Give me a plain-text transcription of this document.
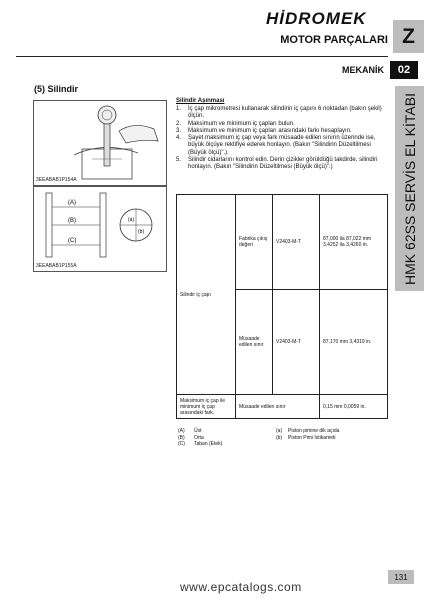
HİDROMEK
MOTOR PARÇALARI Z
MEKANİK	02
HMK 62SS SERVİS EL KİTABI
(5) Silindir
3EEABAB1P154A
(A)
(B)
(C)
(a)
(b)
3EEABAB1P155A
Silindir Aşınması
1. İç çap mikrometresi kullanarak silindirin iç çapını 6 noktadan (bakın şekil) ölçün.
2. Maksimum ve minimum iç çapları bulun.
3. Maksimum ve minimum iç çapları arasındaki farkı hesaplayın.
4. Şayet maksimum iç çap veya fark müsaade edilen sınırın üzerinde ise, büyük ölçüye rektifiye ederek honlayın. (Bakın "Silindirin Düzeltilmesi (Büyük ölçü)".).
5. Silindir cidarlarını kontrol edin. Derin çizikler görüldüğü takdirde, silindiri honlayın. (Bakın "Silindirin Düzeltilmesi (Büyük ölçü)".)
Silindir iç çapı	Fabrika çıkış değeri	V2403-M-T	87,000 ila 87,022 mm 3,4252 ila 3,4260 in.
	Müsaade edilen sınır	V2403-M-T	87,170 mm 3,4319 in.
Maksimum iç çap ile minimum iç çap arasındaki fark.	Müsaade edilen sınır		0,15 mm 0,0059 in.
(A) Üst
(B) Orta
(C) Taban (Etek)
(a) Piston pimine dik açıda
(b) Piston Pimi İstikameti
www.epcatalogs.com
131
